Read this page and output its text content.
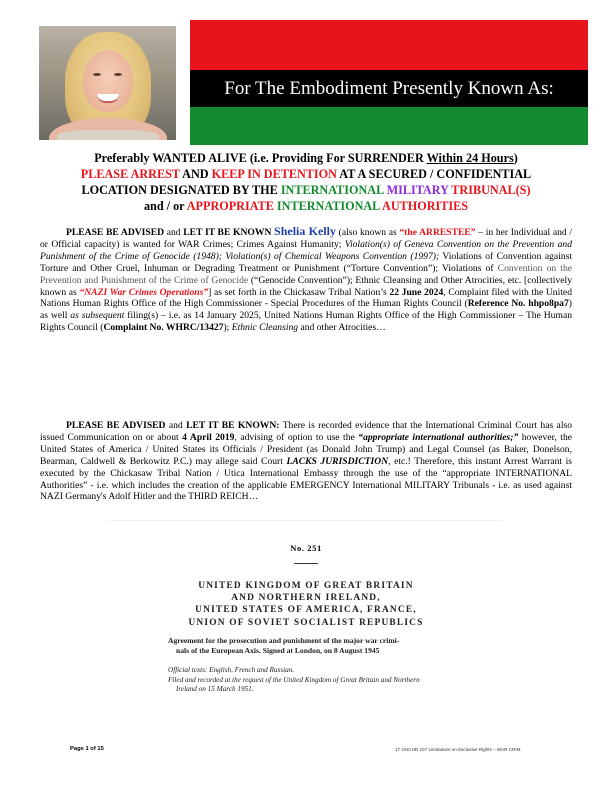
ARREST WARRANT
For The Embodiment Presently Known As:
SHELIA KELLY
Preferably WANTED ALIVE (i.e. Providing For SURRENDER Within 24 Hours)
PLEASE ARREST AND KEEP IN DETENTION AT A SECURED / CONFIDENTIAL
LOCATION DESIGNATED BY THE INTERNATIONAL MILITARY TRIBUNAL(S)
and / or APPROPRIATE INTERNATIONAL AUTHORITIES
PLEASE BE ADVISED and LET IT BE KNOWN Shelia Kelly (also known as “the ARRESTEE” – in her Individual and / or Official capacity) is wanted for WAR Crimes; Crimes Against Humanity; Violation(s) of Geneva Convention on the Prevention and Punishment of the Crime of Genocide (1948); Violation(s) of Chemical Weapons Convention (1997); Violations of Convention against Torture and Other Cruel, Inhuman or Degrading Treatment or Punishment (“Torture Convention”); Violations of Convention on the Prevention and Punishment of the Crime of Genocide (“Genocide Convention”); Ethnic Cleansing and Other Atrocities, etc. [collectively known as “NAZI War Crimes Operations”] as set forth in the Chickasaw Tribal Nation’s 22 June 2024, Complaint filed with the United Nations Human Rights Office of the High Commissioner - Special Procedures of the Human Rights Council (Reference No. hhpo8pa7) as well as subsequent filing(s) – i.e. as 14 January 2025, United Nations Human Rights Office of the High Commissioner – The Human Rights Council (Complaint No. WHRC/13427); Ethnic Cleansing and other Atrocities…
PLEASE BE ADVISED and LET IT BE KNOWN: There is recorded evidence that the International Criminal Court has also issued Communication on or about 4 April 2019, advising of option to use the “appropriate international authorities;” however, the United States of America / United States its Officials / President (as Donald John Trump) and Legal Counsel (as Baker, Donelson, Bearman, Caldwell & Berkowitz P.C.) may allege said Court LACKS JURISDICTION, etc.! Therefore, this instant Arrest Warrant is executed by the Chickasaw Tribal Nation / Utica International Embassy through the use of the “appropriate INTERNATIONAL Authorities” - i.e. which includes the creation of the applicable EMERGENCY International MILITARY Tribunals - i.e. as used against NAZI Germany's Adolf Hitler and the THIRD REICH…
No. 251
UNITED KINGDOM OF GREAT BRITAIN
AND NORTHERN IRELAND,
UNITED STATES OF AMERICA, FRANCE,
UNION OF SOVIET SOCIALIST REPUBLICS
Agreement for the prosecution and punishment of the major war crimi-
nals of the European Axis. Signed at London, on 8 August 1945
Official texts: English, French and Russian.
Filed and recorded at the request of the United Kingdom of Great Britain and Northern
Ireland on 15 March 1951.
Page 1 of 15	17 OHCHR 107 Limitations on Exclusive Rights – WAR CRIM
